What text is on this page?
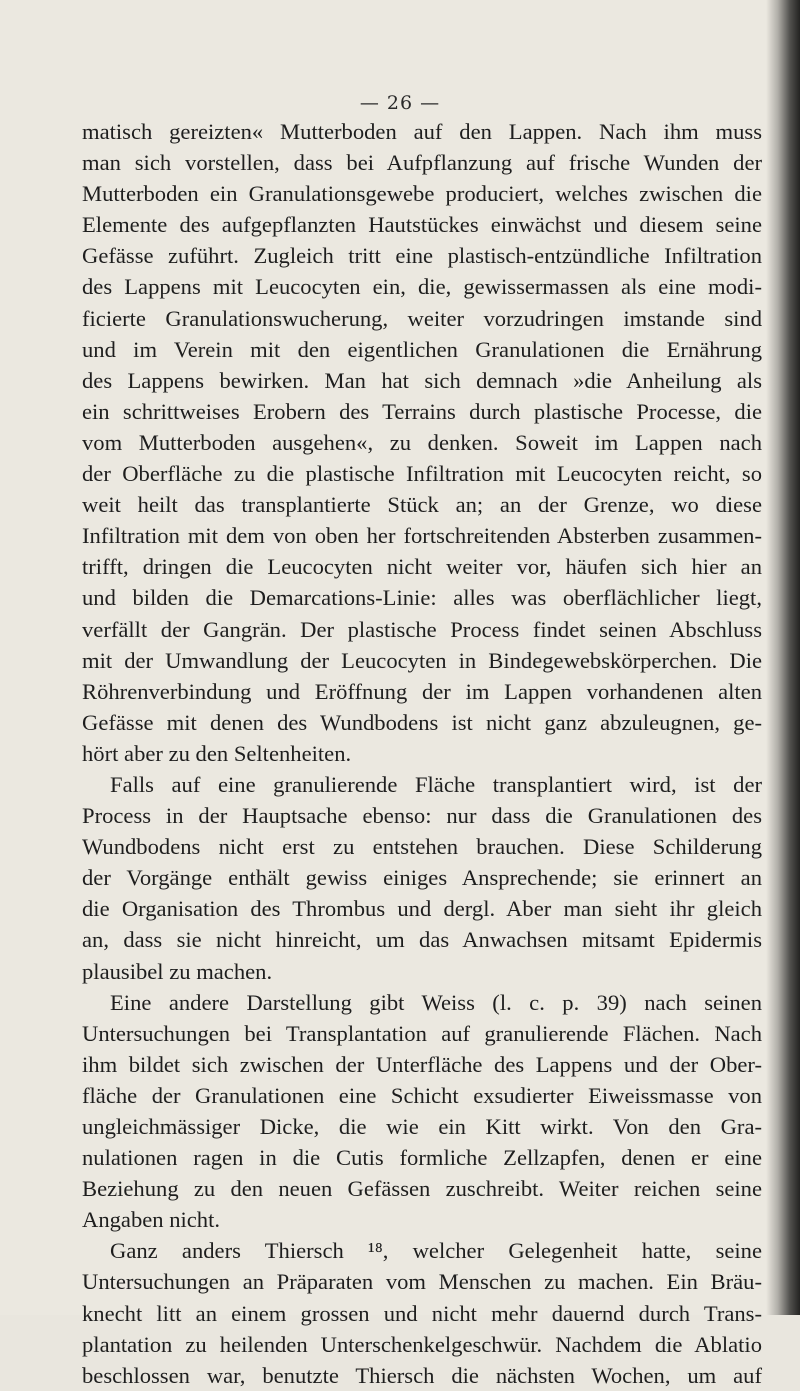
— 26 —
matisch gereizten« Mutterboden auf den Lappen. Nach ihm muss
man sich vorstellen, dass bei Aufpflanzung auf frische Wunden der
Mutterboden ein Granulationsgewebe produciert, welches zwischen die
Elemente des aufgepflanzten Hautstückes einwächst und diesem seine
Gefässe zuführt. Zugleich tritt eine plastisch-entzündliche Infiltration
des Lappens mit Leucocyten ein, die, gewissermassen als eine modi-
ficierte Granulationswucherung, weiter vorzudringen imstande sind
und im Verein mit den eigentlichen Granulationen die Ernährung
des Lappens bewirken. Man hat sich demnach »die Anheilung als
ein schrittweises Erobern des Terrains durch plastische Processe, die
vom Mutterboden ausgehen«, zu denken. Soweit im Lappen nach
der Oberfläche zu die plastische Infiltration mit Leucocyten reicht, so
weit heilt das transplantierte Stück an; an der Grenze, wo diese
Infiltration mit dem von oben her fortschreitenden Absterben zusammen-
trifft, dringen die Leucocyten nicht weiter vor, häufen sich hier an
und bilden die Demarcations-Linie: alles was oberflächlicher liegt,
verfällt der Gangrän. Der plastische Process findet seinen Abschluss
mit der Umwandlung der Leucocyten in Bindegewebskörperchen. Die
Röhrenverbindung und Eröffnung der im Lappen vorhandenen alten
Gefässe mit denen des Wundbodens ist nicht ganz abzuleugnen, ge-
hört aber zu den Seltenheiten.
Falls auf eine granulierende Fläche transplantiert wird, ist der
Process in der Hauptsache ebenso: nur dass die Granulationen des
Wundbodens nicht erst zu entstehen brauchen. Diese Schilderung
der Vorgänge enthält gewiss einiges Ansprechende; sie erinnert an
die Organisation des Thrombus und dergl. Aber man sieht ihr gleich
an, dass sie nicht hinreicht, um das Anwachsen mitsamt Epidermis
plausibel zu machen.
Eine andere Darstellung gibt Weiss (l. c. p. 39) nach seinen
Untersuchungen bei Transplantation auf granulierende Flächen. Nach
ihm bildet sich zwischen der Unterfläche des Lappens und der Ober-
fläche der Granulationen eine Schicht exsudierter Eiweissmasse von
ungleichmässiger Dicke, die wie ein Kitt wirkt. Von den Gra-
nulationen ragen in die Cutis formliche Zellzapfen, denen er eine
Beziehung zu den neuen Gefässen zuschreibt. Weiter reichen seine
Angaben nicht.
Ganz anders Thiersch ¹⁸, welcher Gelegenheit hatte, seine
Untersuchungen an Präparaten vom Menschen zu machen. Ein Bräu-
knecht litt an einem grossen und nicht mehr dauernd durch Trans-
plantation zu heilenden Unterschenkelgeschwür. Nachdem die Ablatio
beschlossen war, benutzte Thiersch die nächsten Wochen, um auf
